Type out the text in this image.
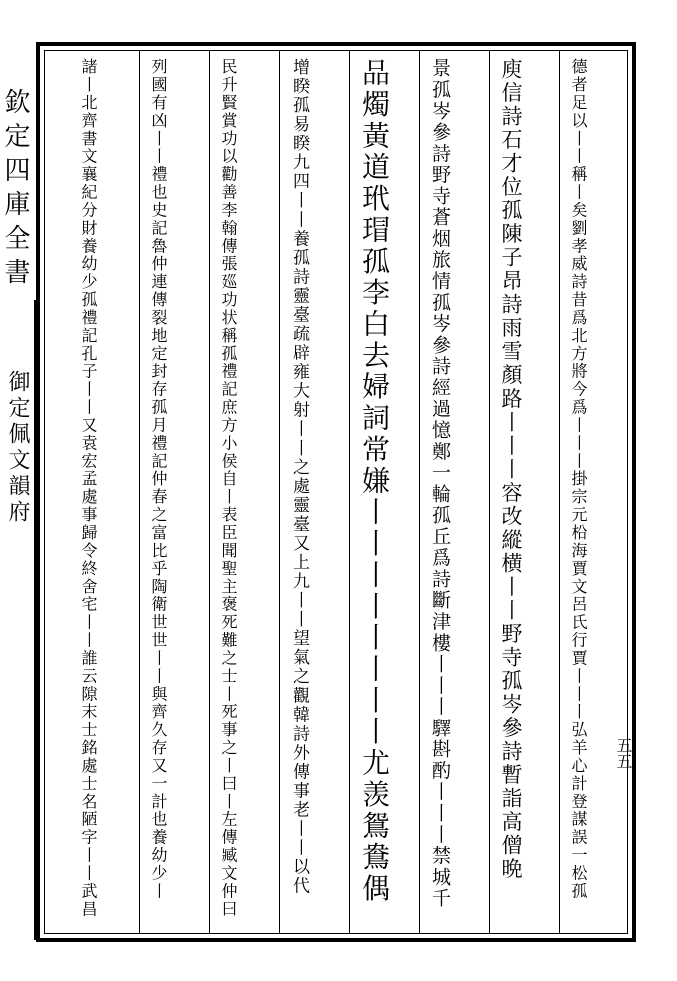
欽定四庫全書
御定佩文韻府	德者足以丨丨稱丨矣劉孝威詩昔爲北方將今爲丨丨丨掛宗元柗海賈文呂氏行賈丨丨丨弘羊心計登謀誤一松孤
庾信詩石才位孤陳子昂詩雨雪顏路丨丨丨容改縱横丨丨野寺孤岑參詩暫詣高僧晩
景孤岑參詩野寺蒼烟旅情孤岑參詩經過憶鄭一輪孤丘爲詩斷津樓丨丨丨驛斟酌丨丨丨禁城千
品燭黃道玳瑁孤李白去婦詞常嫌丨丨丨丨丨丨丨丨尤羡鴛鴦偶
增睽孤易睽九四丨丨養孤詩靈臺疏辟雍大射丨丨之處靈臺又上九丨丨望氣之觀韓詩外傳事老丨丨以代
民升賢賞功以勸善李翰傳張廵功状稱孤禮記庶方小侯自丨表臣聞聖主褒死難之士丨死事之丨曰丨左傳臧文仲曰
列國有凶丨丨禮也史記魯仲連傳裂地定封存孤月禮記仲春之富比乎陶衛世世丨丨與齊久存又一計也養幼少丨
諸丨北齊書文襄紀分財養幼少孤禮記孔子丨丨又袁宏孟處事歸令終舍宅丨丨誰云隙末士銘處士名陋字丨丨武昌	五五
